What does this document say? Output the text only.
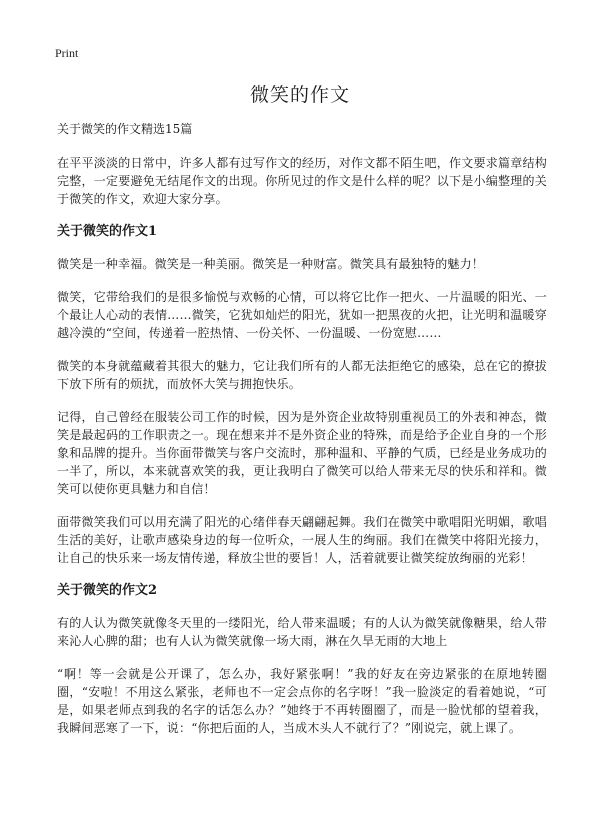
Print
微笑的作文
关于微笑的作文精选15篇

在平平淡淡的日常中，许多人都有过写作文的经历，对作文都不陌生吧，作文要求篇章结构完整，一定要避免无结尾作文的出现。你所见过的作文是什么样的呢？以下是小编整理的关于微笑的作文，欢迎大家分享。

关于微笑的作文1

微笑是一种幸福。微笑是一种美丽。微笑是一种财富。微笑具有最独特的魅力！

微笑，它带给我们的是很多愉悦与欢畅的心情，可以将它比作一把火、一片温暖的阳光、一个最让人心动的表情……微笑，它犹如灿烂的阳光，犹如一把黑夜的火把，让光明和温暖穿越冷漠的“空间，传递着一腔热情、一份关怀、一份温暖、一份宽慰……

微笑的本身就蕴藏着其很大的魅力，它让我们所有的人都无法拒绝它的感染，总在它的撩拔下放下所有的烦扰，而放怀大笑与拥抱快乐。

记得，自己曾经在服装公司工作的时候，因为是外资企业故特别重视员工的外表和神态，微笑是最起码的工作职责之一。现在想来并不是外资企业的特殊，而是给予企业自身的一个形象和品牌的提升。当你面带微笑与客户交流时，那种温和、平静的气质，已经是业务成功的一半了，所以，本来就喜欢笑的我，更让我明白了微笑可以给人带来无尽的快乐和祥和。微笑可以使你更具魅力和自信！

面带微笑我们可以用充满了阳光的心绪伴春天翩翩起舞。我们在微笑中歌唱阳光明媚，歌唱生活的美好，让歌声感染身边的每一位听众，一展人生的绚丽。我们在微笑中将阳光接力，让自己的快乐来一场友情传递，释放尘世的要旨！人，活着就要让微笑绽放绚丽的光彩！

关于微笑的作文2

有的人认为微笑就像冬天里的一缕阳光，给人带来温暖；有的人认为微笑就像糖果，给人带来沁人心脾的甜；也有人认为微笑就像一场大雨，淋在久旱无雨的大地上

“啊！等一会就是公开课了，怎么办，我好紧张啊！”我的好友在旁边紧张的在原地转圈圈，“安啦！不用这么紧张，老师也不一定会点你的名字呀！”我一脸淡定的看着她说，“可是，如果老师点到我的名字的话怎么办？”她终于不再转圈圈了，而是一脸忧郁的望着我，我瞬间恶寒了一下，说：“你把后面的人，当成木头人不就行了？”刚说完，就上课了。
